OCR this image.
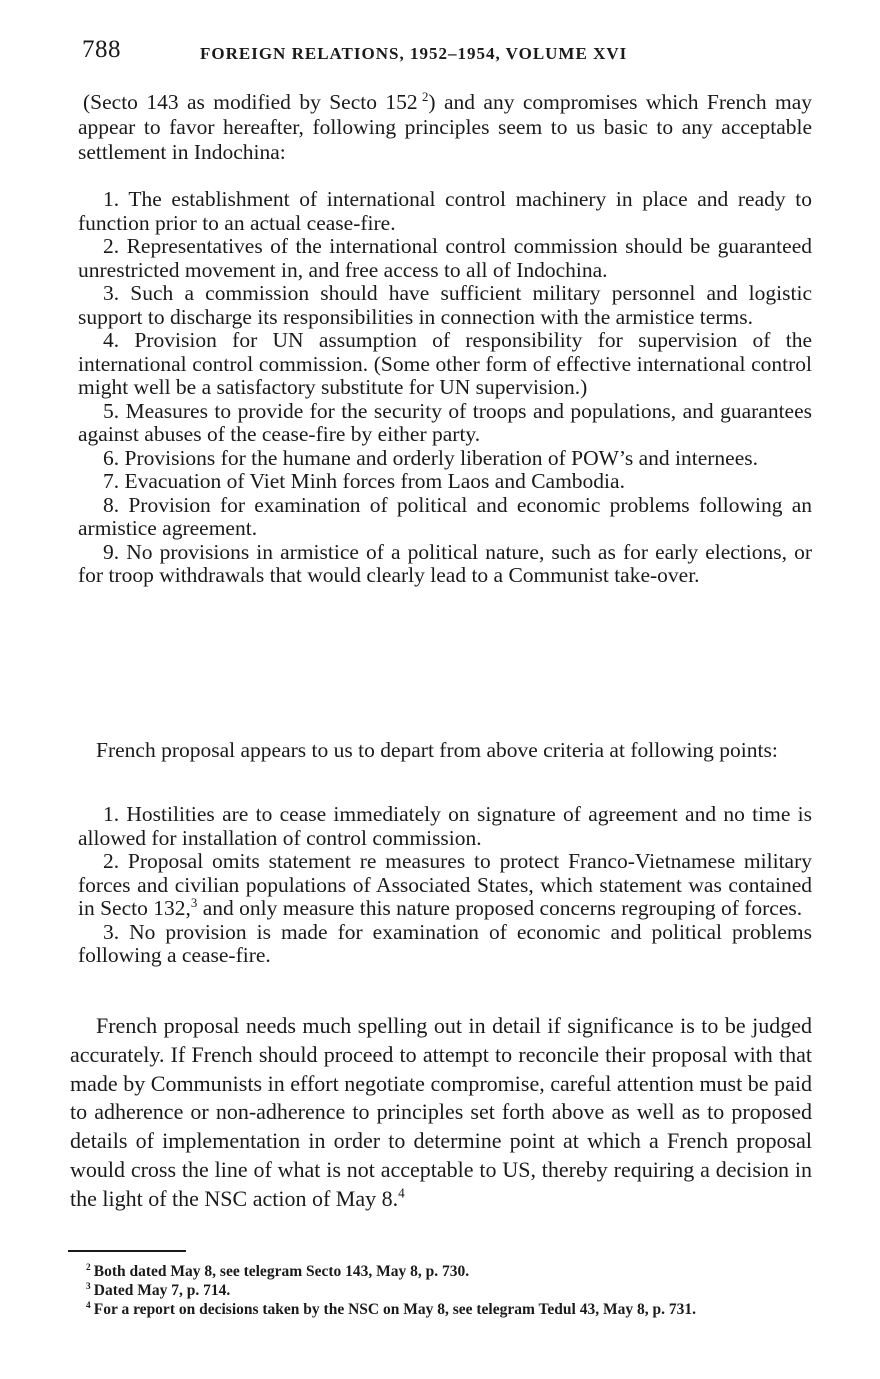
788	FOREIGN RELATIONS, 1952–1954, VOLUME XVI

(Secto 143 as modified by Secto 152  $^2$) and any compromises which French may appear to favor hereafter, following principles seem to us basic to any acceptable settlement in Indochina:

1. The establishment of international control machinery in place and ready to function prior to an actual cease-fire.

2. Representatives of the international control commission should be guaranteed unrestricted movement in, and free access to all of Indochina.

3. Such a commission should have sufficient military personnel and logistic support to discharge its responsibilities in connection with the armistice terms.

4. Provision for UN assumption of responsibility for supervision of the international control commission. (Some other form of effective international control might well be a satisfactory substitute for UN supervision.)

5. Measures to provide for the security of troops and populations, and guarantees against abuses of the cease-fire by either party.

6. Provisions for the humane and orderly liberation of POW’s and internees.

7. Evacuation of Viet Minh forces from Laos and Cambodia.

8. Provision for examination of political and economic problems following an armistice agreement.

9. No provisions in armistice of a political nature, such as for early elections, or for troop withdrawals that would clearly lead to a Communist take-over.

French proposal appears to us to depart from above criteria at following points:

1. Hostilities are to cease immediately on signature of agreement and no time is allowed for installation of control commission.

2. Proposal omits statement re measures to protect Franco-Vietnamese military forces and civilian populations of Associated States, which statement was contained in Secto 132,$^3$ and only measure this nature proposed concerns regrouping of forces.

3. No provision is made for examination of economic and political problems following a cease-fire.

French proposal needs much spelling out in detail if significance is to be judged accurately. If French should proceed to attempt to reconcile their proposal with that made by Communists in effort negotiate compromise, careful attention must be paid to adherence or non-adherence to principles set forth above as well as to proposed details of implementation in order to determine point at which a French proposal would cross the line of what is not acceptable to US, thereby requiring a decision in the light of the NSC action of May 8.$^4$

$^2$  Both dated May 8, see telegram Secto 143, May 8, p. 730.

$^3$  Dated May 7, p. 714.

$^4$  For a report on decisions taken by the NSC on May 8, see telegram Tedul 43, May 8, p. 731.
